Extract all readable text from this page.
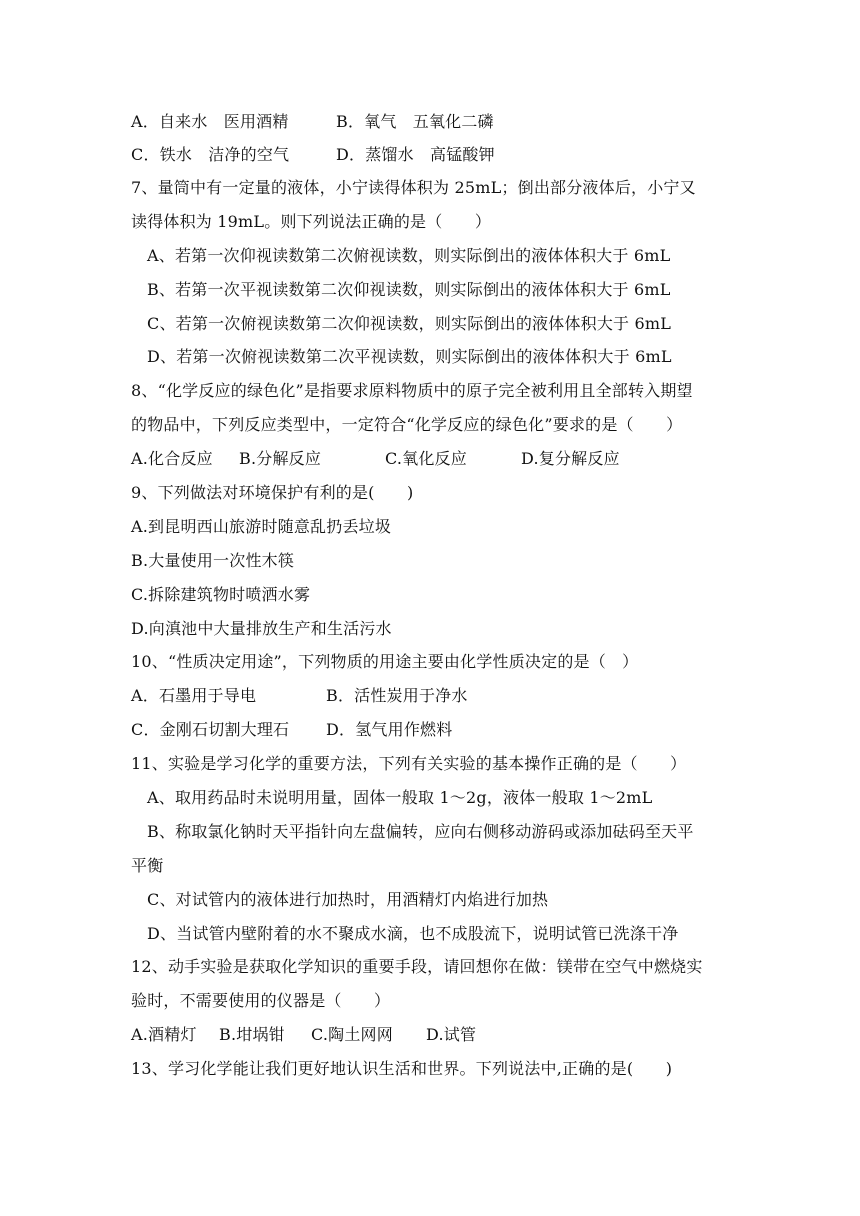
A．自来水　医用酒精	B．氧气　五氧化二磷
C．铁水　洁净的空气	D．蒸馏水　高锰酸钾
7、量筒中有一定量的液体，小宁读得体积为 25mL；倒出部分液体后，小宁又
读得体积为 19mL。则下列说法正确的是（　　）
A、若第一次仰视读数第二次俯视读数，则实际倒出的液体体积大于 6mL
B、若第一次平视读数第二次仰视读数，则实际倒出的液体体积大于 6mL
C、若第一次俯视读数第二次仰视读数，则实际倒出的液体体积大于 6mL
D、若第一次俯视读数第二次平视读数，则实际倒出的液体体积大于 6mL
8、“化学反应的绿色化”是指要求原料物质中的原子完全被利用且全部转入期望
的物品中，下列反应类型中，一定符合“化学反应的绿色化”要求的是（　　）
A.化合反应 B.分解反应	C.氧化反应	D.复分解反应
9、下列做法对环境保护有利的是(　　)
A.到昆明西山旅游时随意乱扔丢垃圾
B.大量使用一次性木筷
C.拆除建筑物时喷洒水雾
D.向滇池中大量排放生产和生活污水
10、“性质决定用途”，下列物质的用途主要由化学性质决定的是（　）
A．石墨用于导电	B．活性炭用于净水
C．金刚石切割大理石 D．氢气用作燃料
11、实验是学习化学的重要方法，下列有关实验的基本操作正确的是（　　）
A、取用药品时未说明用量，固体一般取 1～2g，液体一般取 1～2mL
B、称取氯化钠时天平指针向左盘偏转，应向右侧移动游码或添加砝码至天平
平衡
C、对试管内的液体进行加热时，用酒精灯内焰进行加热
D、当试管内壁附着的水不聚成水滴，也不成股流下，说明试管已洗涤干净
12、动手实验是获取化学知识的重要手段，请回想你在做：镁带在空气中燃烧实
验时，不需要使用的仪器是（　　）
A.酒精灯 B.坩埚钳 C.陶土网网 D.试管
13、学习化学能让我们更好地认识生活和世界。下列说法中,正确的是(　　)
